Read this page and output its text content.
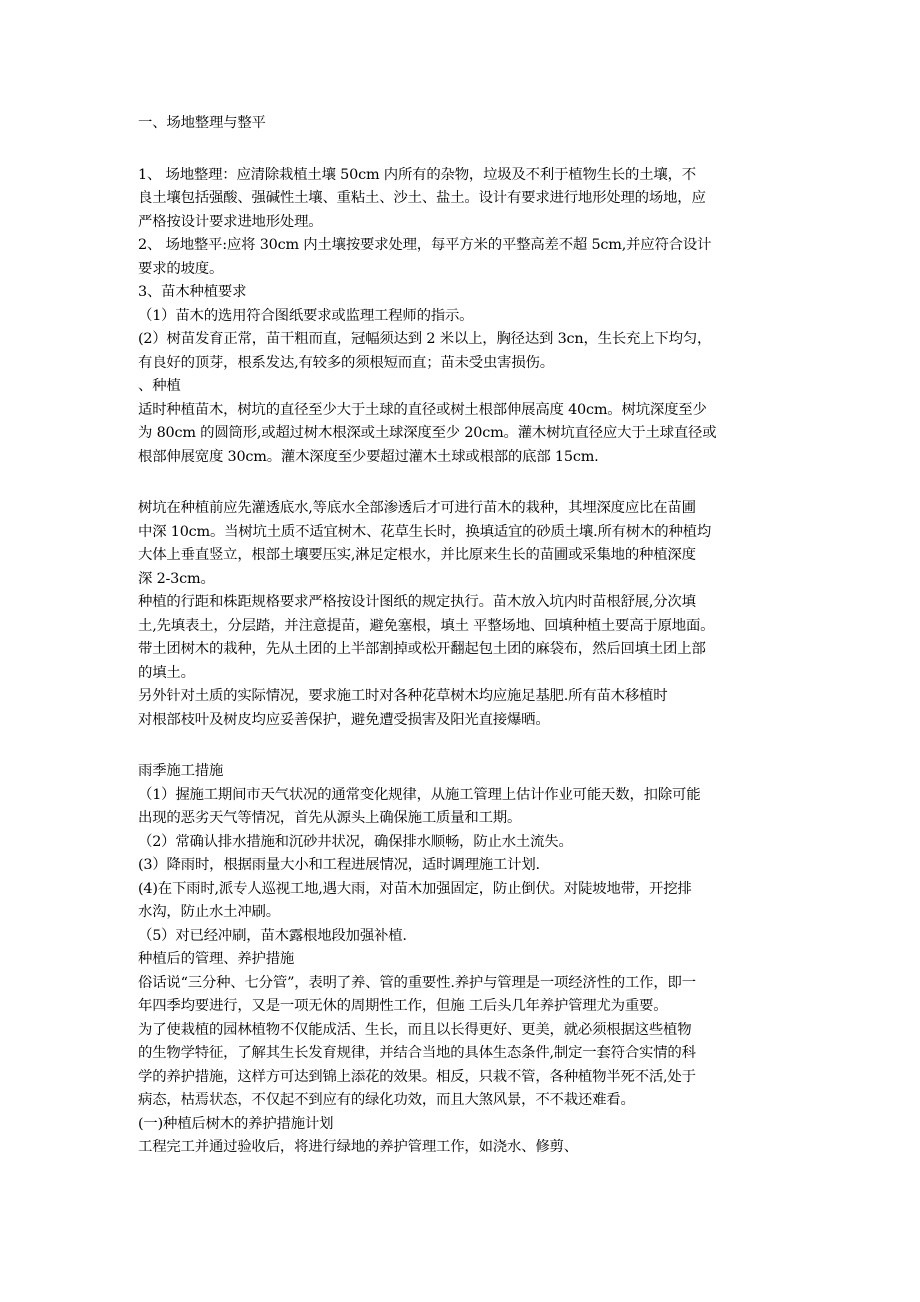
一、场地整理与整平
1、 场地整理：应清除栽植土壤 50cm 内所有的杂物，垃圾及不利于植物生长的土壤，不
良土壤包括强酸、强碱性土壤、重粘土、沙土、盐土。设计有要求进行地形处理的场地，应
严格按设计要求进地形处理。
2、 场地整平:应将 30cm 内土壤按要求处理，每平方米的平整高差不超 5cm,并应符合设计
要求的坡度。
3、苗木种植要求
（1）苗木的选用符合图纸要求或监理工程师的指示。
(2）树苗发育正常，苗干粗而直，冠幅须达到 2 米以上，胸径达到 3cn，生长充上下均匀，
有良好的顶芽，根系发达,有较多的须根短而直；苗未受虫害损伤。
、种植
适时种植苗木，树坑的直径至少大于土球的直径或树土根部伸展高度 40cm。树坑深度至少
为 80cm 的圆筒形,或超过树木根深或土球深度至少 20cm。灌木树坑直径应大于土球直径或
根部伸展宽度 30cm。灌木深度至少要超过灌木土球或根部的底部 15cm.
树坑在种植前应先灌透底水,等底水全部渗透后才可进行苗木的栽种，其埋深度应比在苗圃
中深 10cm。当树坑土质不适宜树木、花草生长时，换填适宜的砂质土壤.所有树木的种植均
大体上垂直竖立，根部土壤要压实,淋足定根水，并比原来生长的苗圃或采集地的种植深度
深 2-3cm。
种植的行距和株距规格要求严格按设计图纸的规定执行。苗木放入坑内时苗根舒展,分次填
土,先填表土，分层踏，并注意提苗，避免塞根，填土 平整场地、回填种植土要高于原地面。
带土团树木的栽种，先从土团的上半部割掉或松开翻起包土团的麻袋布，然后回填土团上部
的填土。
另外针对土质的实际情况，要求施工时对各种花草树木均应施足基肥.所有苗木移植时
对根部枝叶及树皮均应妥善保护，避免遭受损害及阳光直接爆晒。
雨季施工措施
（1）握施工期间市天气状况的通常变化规律，从施工管理上估计作业可能天数，扣除可能
出现的恶劣天气等情况，首先从源头上确保施工质量和工期。
（2）常确认排水措施和沉砂井状况，确保排水顺畅，防止水土流失。
(3）降雨时，根据雨量大小和工程进展情况，适时调理施工计划.
(4)在下雨时,派专人巡视工地,遇大雨，对苗木加强固定，防止倒伏。对陡坡地带，开挖排
水沟，防止水土冲刷。
（5）对已经冲刷，苗木露根地段加强补植.
种植后的管理、养护措施
俗话说“三分种、七分管”，表明了养、管的重要性.养护与管理是一项经济性的工作，即一
年四季均要进行，又是一项无休的周期性工作，但施 工后头几年养护管理尤为重要。
为了使栽植的园林植物不仅能成活、生长，而且以长得更好、更美，就必须根据这些植物
的生物学特征，了解其生长发育规律，并结合当地的具体生态条件,制定一套符合实情的科
学的养护措施，这样方可达到锦上添花的效果。相反，只栽不管，各种植物半死不活,处于
病态，枯焉状态，不仅起不到应有的绿化功效，而且大煞风景，不不栽还难看。
(一)种植后树木的养护措施计划
工程完工并通过验收后，将进行绿地的养护管理工作，如浇水、修剪、
